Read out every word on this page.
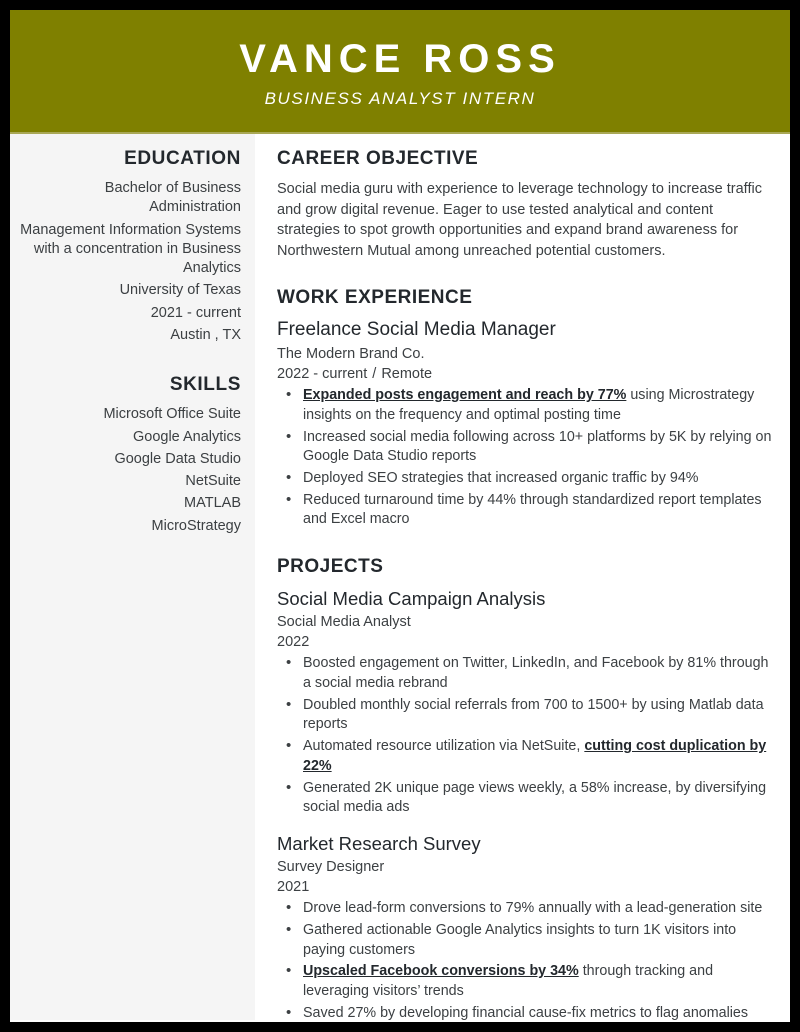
VANCE ROSS
BUSINESS ANALYST INTERN
EDUCATION
Bachelor of Business Administration
Management Information Systems with a concentration in Business Analytics
University of Texas
2021 - current
Austin , TX
SKILLS
Microsoft Office Suite
Google Analytics
Google Data Studio
NetSuite
MATLAB
MicroStrategy
CAREER OBJECTIVE

Social media guru with experience to leverage technology to increase traffic and grow digital revenue. Eager to use tested analytical and content strategies to spot growth opportunities and expand brand awareness for Northwestern Mutual among unreached potential customers.

WORK EXPERIENCE
Freelance Social Media Manager
The Modern Brand Co.
2022 - current / Remote
• Expanded posts engagement and reach by 77% using Microstrategy insights on the frequency and optimal posting time
• Increased social media following across 10+ platforms by 5K by relying on Google Data Studio reports
• Deployed SEO strategies that increased organic traffic by 94%
• Reduced turnaround time by 44% through standardized report templates and Excel macro
PROJECTS
Social Media Campaign Analysis
Social Media Analyst
2022
• Boosted engagement on Twitter, LinkedIn, and Facebook by 81% through a social media rebrand
• Doubled monthly social referrals from 700 to 1500+ by using Matlab data reports
• Automated resource utilization via NetSuite, cutting cost duplication by 22%
• Generated 2K unique page views weekly, a 58% increase, by diversifying social media ads
Market Research Survey
Survey Designer
2021
• Drove lead-form conversions to 79% annually with a lead-generation site
• Gathered actionable Google Analytics insights to turn 1K visitors into paying customers
• Upscaled Facebook conversions by 34% through tracking and leveraging visitors’ trends
• Saved 27% by developing financial cause-fix metrics to flag anomalies
